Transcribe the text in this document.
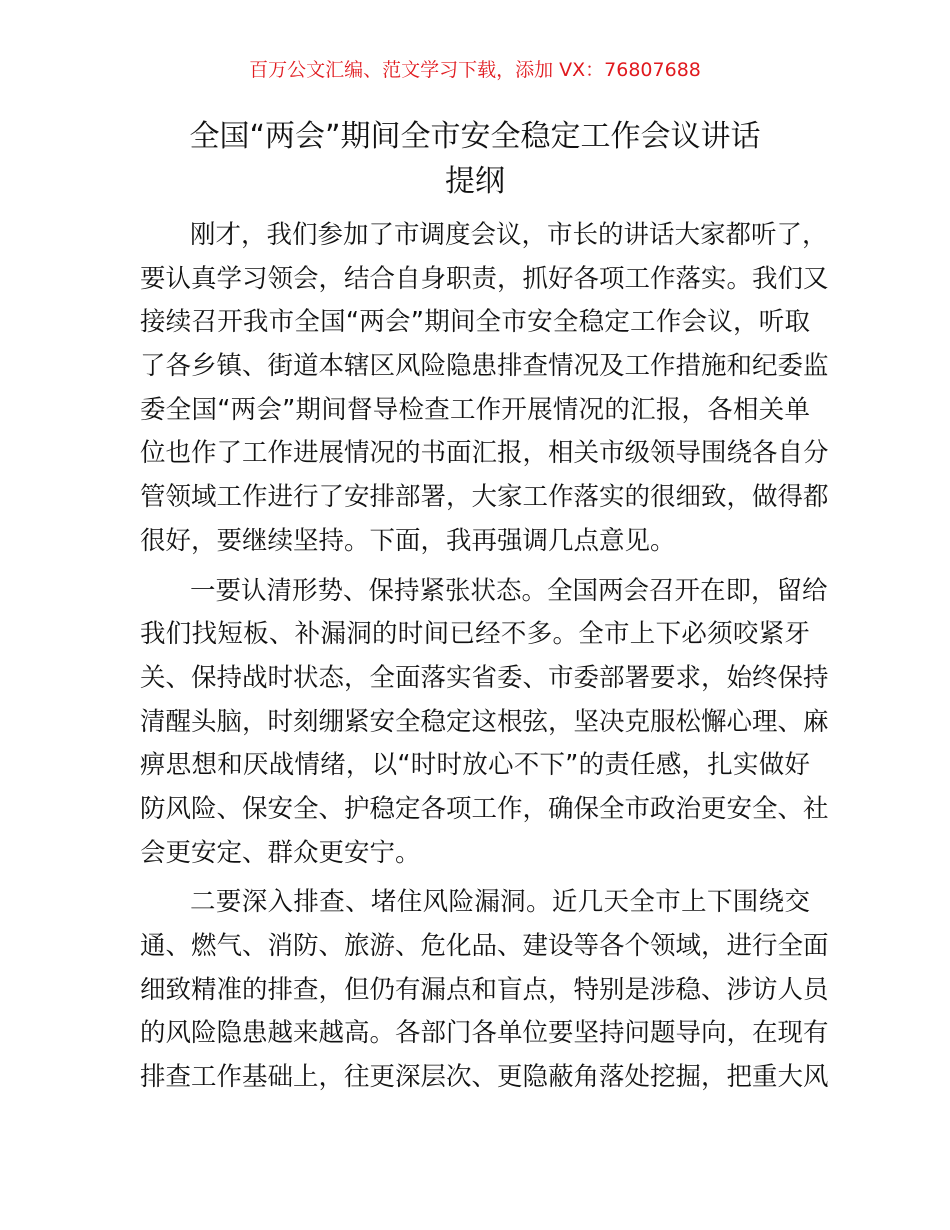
百万公文汇编、范文学习下载，添加 VX：76807688
全国“两会”期间全市安全稳定工作会议讲话
提纲
刚才，我们参加了市调度会议，市长的讲话大家都听了，
要认真学习领会，结合自身职责，抓好各项工作落实。我们又
接续召开我市全国“两会”期间全市安全稳定工作会议，听取
了各乡镇、街道本辖区风险隐患排查情况及工作措施和纪委监
委全国“两会”期间督导检查工作开展情况的汇报，各相关单
位也作了工作进展情况的书面汇报，相关市级领导围绕各自分
管领域工作进行了安排部署，大家工作落实的很细致，做得都
很好，要继续坚持。下面，我再强调几点意见。
一要认清形势、保持紧张状态。全国两会召开在即，留给
我们找短板、补漏洞的时间已经不多。全市上下必须咬紧牙
关、保持战时状态，全面落实省委、市委部署要求，始终保持
清醒头脑，时刻绷紧安全稳定这根弦，坚决克服松懈心理、麻
痹思想和厌战情绪，以“时时放心不下”的责任感，扎实做好
防风险、保安全、护稳定各项工作，确保全市政治更安全、社
会更安定、群众更安宁。
二要深入排查、堵住风险漏洞。近几天全市上下围绕交
通、燃气、消防、旅游、危化品、建设等各个领域，进行全面
细致精准的排查，但仍有漏点和盲点，特别是涉稳、涉访人员
的风险隐患越来越高。各部门各单位要坚持问题导向，在现有
排查工作基础上，往更深层次、更隐蔽角落处挖掘，把重大风
